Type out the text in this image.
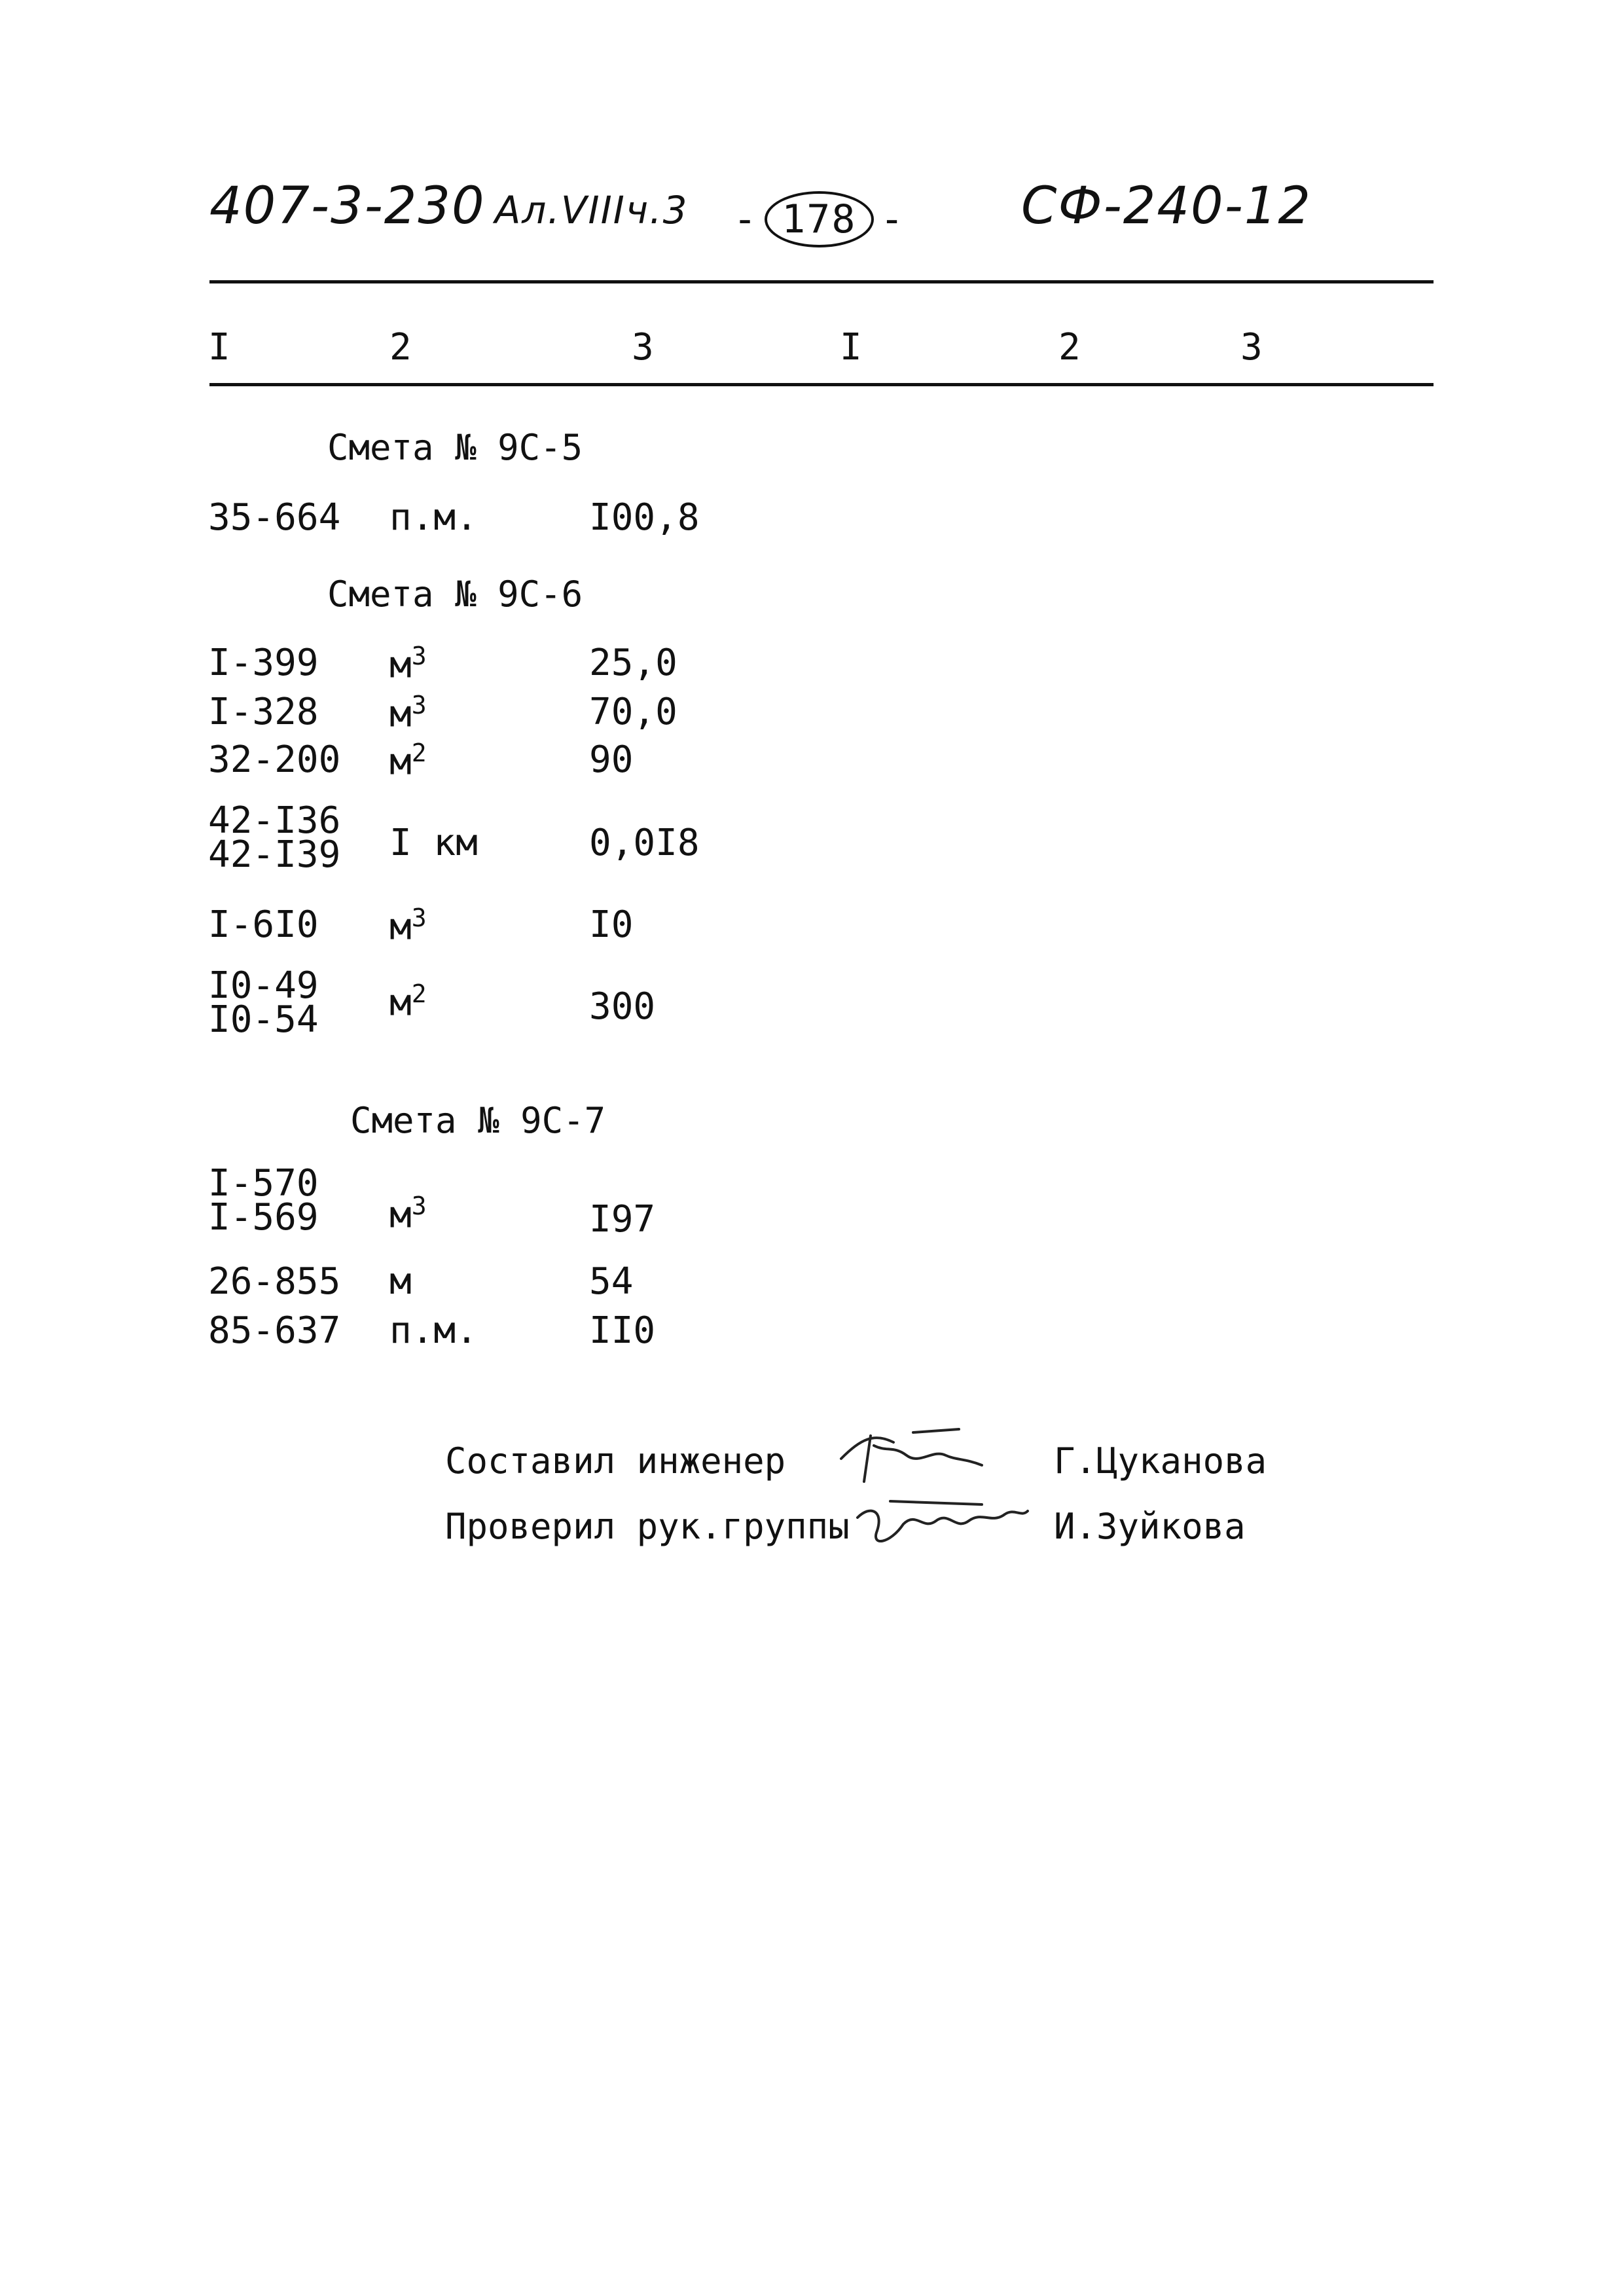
407-3-230 Ал.VIIIч.3 - 178 - СФ-240-12
I	2	3	I	2	3
Смета № 9С-5
35-664 п.м.	I00,8
Смета № 9С-6
I-399 $м^3$	25,0
I-328 $м^3$	70,0
32-200 $м^2$	90
42-I36
42-I39 I км	0,0I8
I-6I0 $м^3$	I0
I0-49
I0-54 $м^2$	300
Смета № 9С-7
I-570
I-569 $м^3$	I97
26-855 м	54
85-637 п.м.	II0
Составил инженер	Г.Цуканова
Проверил рук.группы	И.Зуйкова
